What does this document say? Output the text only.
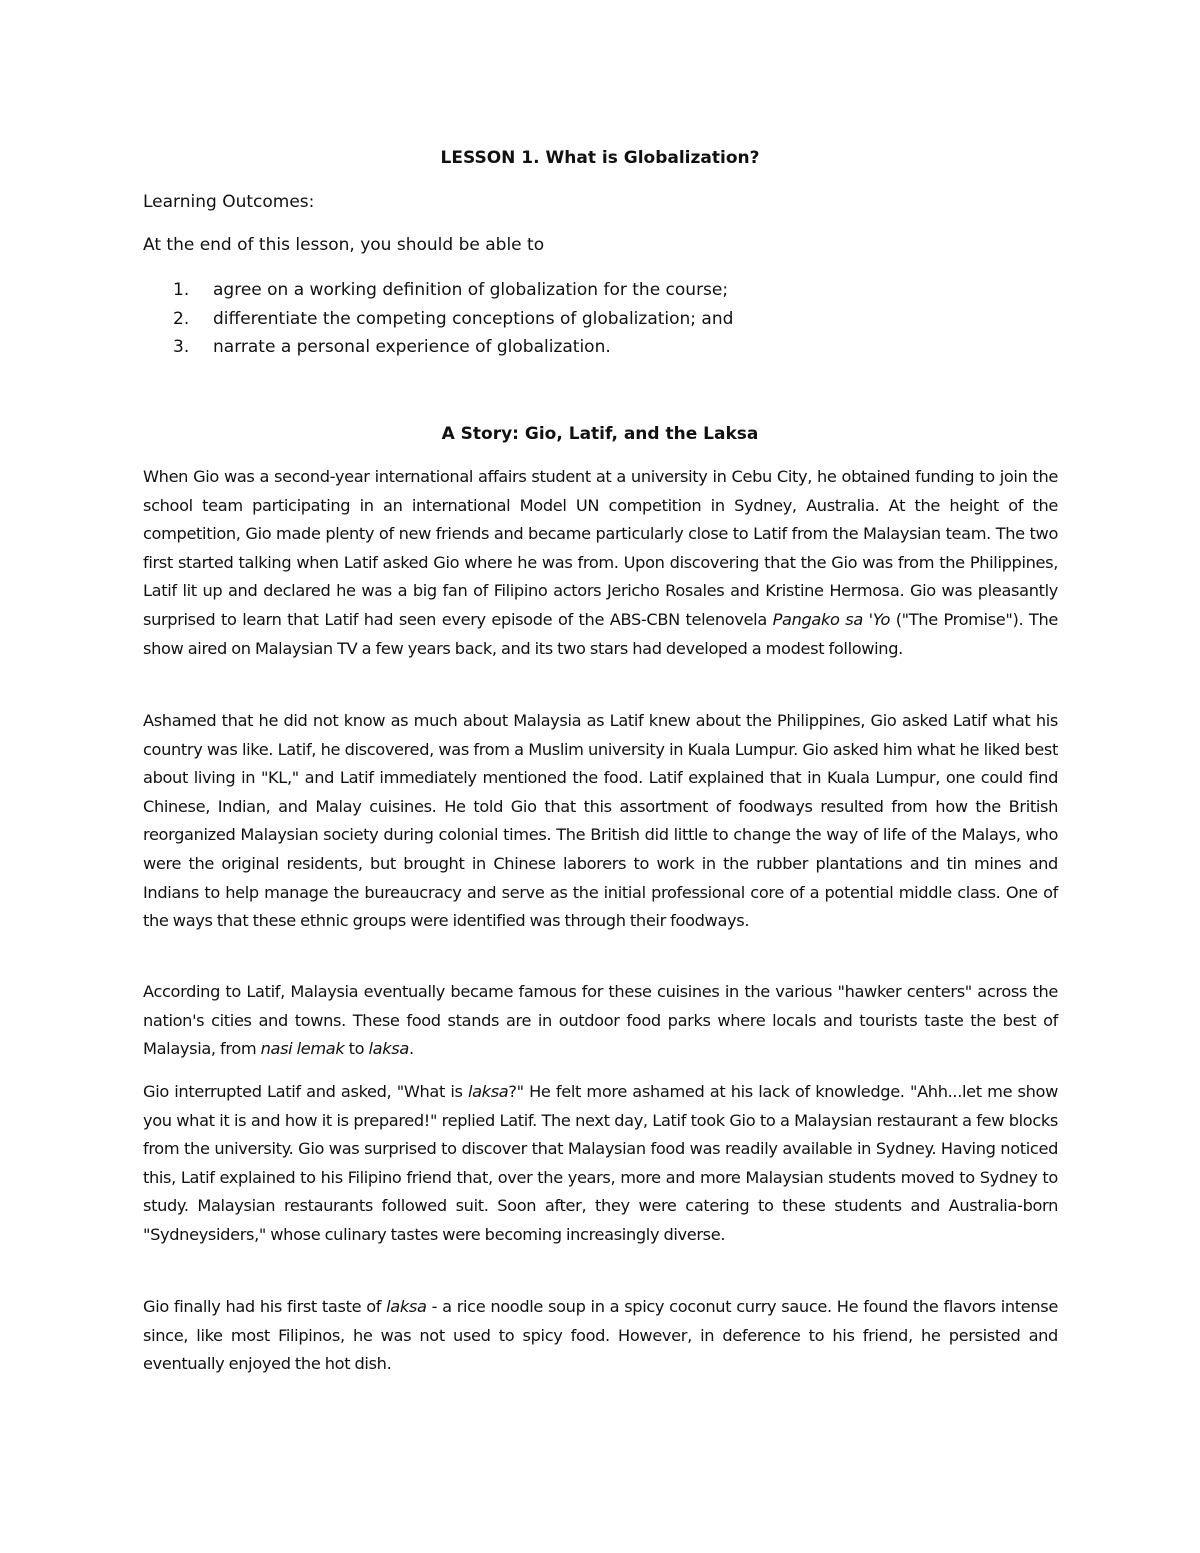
LESSON 1. What is Globalization?
Learning Outcomes:
At the end of this lesson, you should be able to
1. agree on a working definition of globalization for the course;
2. differentiate the competing conceptions of globalization; and
3. narrate a personal experience of globalization.
A Story: Gio, Latif, and the Laksa
When Gio was a second-year international affairs student at a university in Cebu City, he obtained funding to join the school team participating in an international Model UN competition in Sydney, Australia. At the height of the competition, Gio made plenty of new friends and became particularly close to Latif from the Malaysian team. The two first started talking when Latif asked Gio where he was from. Upon discovering that the Gio was from the Philippines, Latif lit up and declared he was a big fan of Filipino actors Jericho Rosales and Kristine Hermosa. Gio was pleasantly surprised to learn that Latif had seen every episode of the ABS-CBN telenovela Pangako sa 'Yo ("The Promise"). The show aired on Malaysian TV a few years back, and its two stars had developed a modest following.
Ashamed that he did not know as much about Malaysia as Latif knew about the Philippines, Gio asked Latif what his country was like. Latif, he discovered, was from a Muslim university in Kuala Lumpur. Gio asked him what he liked best about living in "KL," and Latif immediately mentioned the food. Latif explained that in Kuala Lumpur, one could find Chinese, Indian, and Malay cuisines. He told Gio that this assortment of foodways resulted from how the British reorganized Malaysian society during colonial times. The British did little to change the way of life of the Malays, who were the original residents, but brought in Chinese laborers to work in the rubber plantations and tin mines and Indians to help manage the bureaucracy and serve as the initial professional core of a potential middle class. One of the ways that these ethnic groups were identified was through their foodways.
According to Latif, Malaysia eventually became famous for these cuisines in the various "hawker centers" across the nation's cities and towns. These food stands are in outdoor food parks where locals and tourists taste the best of Malaysia, from nasi lemak to laksa.
Gio interrupted Latif and asked, "What is laksa?" He felt more ashamed at his lack of knowledge. "Ahh...let me show you what it is and how it is prepared!" replied Latif. The next day, Latif took Gio to a Malaysian restaurant a few blocks from the university. Gio was surprised to discover that Malaysian food was readily available in Sydney. Having noticed this, Latif explained to his Filipino friend that, over the years, more and more Malaysian students moved to Sydney to study. Malaysian restaurants followed suit. Soon after, they were catering to these students and Australia-born "Sydneysiders," whose culinary tastes were becoming increasingly diverse.
Gio finally had his first taste of laksa - a rice noodle soup in a spicy coconut curry sauce. He found the flavors intense since, like most Filipinos, he was not used to spicy food. However, in deference to his friend, he persisted and eventually enjoyed the hot dish.
